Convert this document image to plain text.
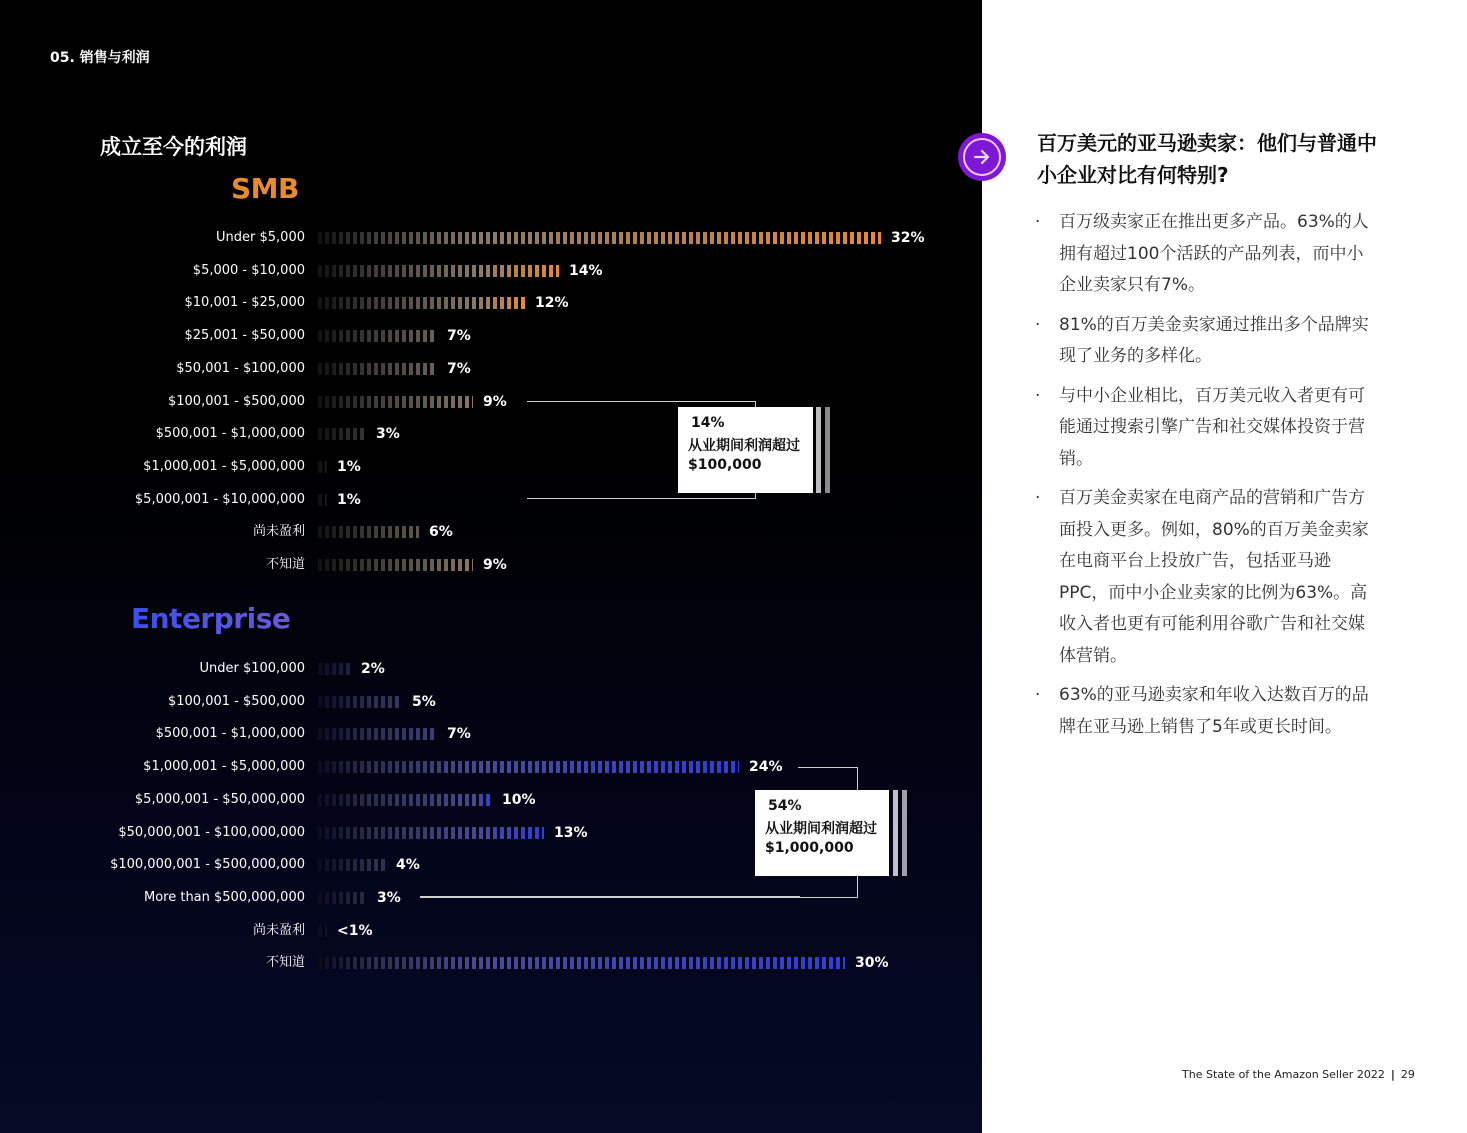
05. 销售与利润
成立至今的利润
SMB
Under $5,000	32%
$5,000 - $10,000	14%
$10,001 - $25,000	12%
$25,001 - $50,000	7%
$50,001 - $100,000	7%
$100,001 - $500,000	9%
$500,001 - $1,000,000	3%
$1,000,001 - $5,000,000 1%
$5,000,001 - $10,000,000 1%
尚未盈利	6%
不知道	9%
14%
从业期间利润超过
$100,000
Enterprise
Under $100,000	2%
$100,001 - $500,000	5%
$500,001 - $1,000,000	7%
$1,000,001 - $5,000,000	24%
$5,000,001 - $50,000,000	10%
$50,000,001 - $100,000,000	13%
$100,000,001 - $500,000,000	4%
More than $500,000,000	3%
尚未盈利 <1%
不知道	30%
54%
从业期间利润超过
$1,000,000
百万美元的亚马逊卖家：他们与普通中小企业对比有何特别?
· 百万级卖家正在推出更多产品。63%的人拥有超过100个活跃的产品列表，而中小企业卖家只有7%。
· 81%的百万美金卖家通过推出多个品牌实现了业务的多样化。
· 与中小企业相比，百万美元收入者更有可能通过搜索引擎广告和社交媒体投资于营销。
· 百万美金卖家在电商产品的营销和广告方面投入更多。例如，80%的百万美金卖家在电商平台上投放广告，包括亚马逊PPC，而中小企业卖家的比例为63%。高收入者也更有可能利用谷歌广告和社交媒体营销。
· 63%的亚马逊卖家和年收入达数百万的品牌在亚马逊上销售了5年或更长时间。
The State of the Amazon Seller 2022 | 29
